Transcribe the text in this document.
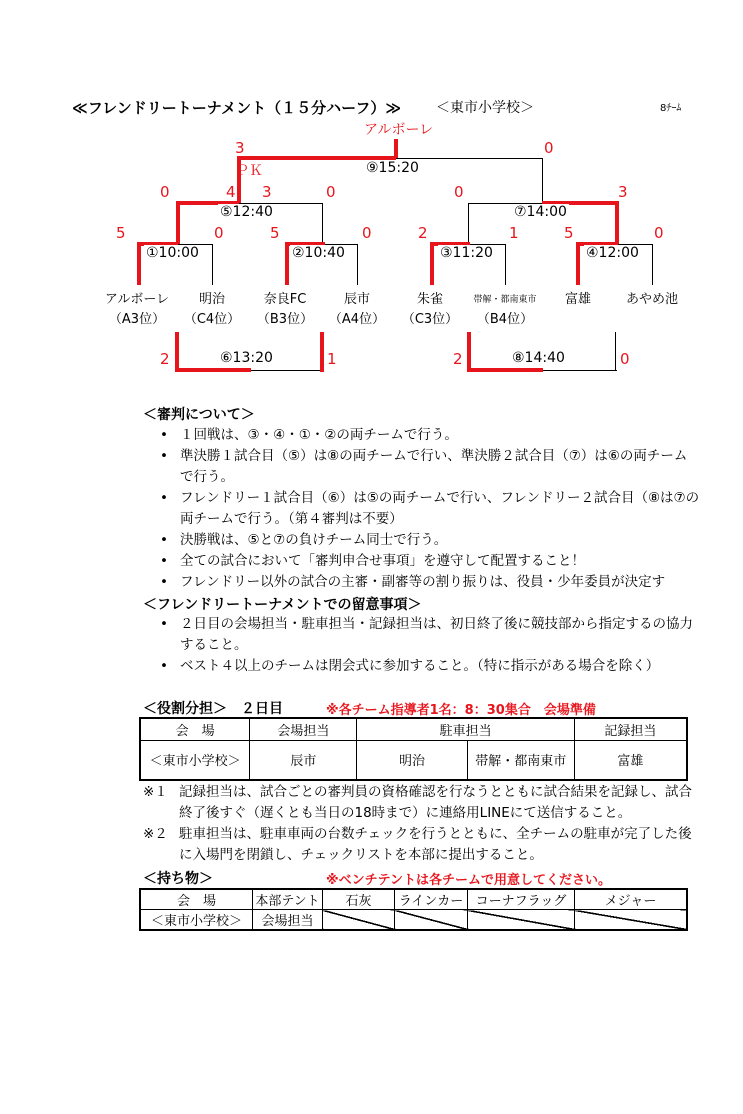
≪フレンドリートーナメント（１５分ハーフ）≫ ＜東市小学校＞	8ﾁｰﾑ
アルボーレ
3	0
ＰＫ	⑨15:20
0	4 3	0
⑤12:40
0	3
⑦14:00
5	0
①10:00
5	0
②10:40
2	1
③11:20
5	0
④12:00
アルボーレ
（A3位）
明治
（C4位）
奈良FC
（B3位）
辰市
（A4位）
朱雀
（C3位）
帯解・都南東市
（B4位）
富雄	あやめ池
2	1
⑥13:20	2	0
⑧14:40
＜審判について＞
• １回戦は、③・④・①・②の両チームで行う。
• 準決勝１試合目（⑤）は⑧の両チームで行い、準決勝２試合目（⑦）は⑥の両チームで行う。
• フレンドリー１試合目（⑥）は⑤の両チームで行い、フレンドリー２試合目（⑧は⑦の両チームで行う。（第４審判は不要）
• 決勝戦は、⑤と⑦の負けチーム同士で行う。
• 全ての試合において「審判申合せ事項」を遵守して配置すること！
• フレンドリー以外の試合の主審・副審等の割り振りは、役員・少年委員が決定す
＜フレンドリートーナメントでの留意事項＞
• ２日目の会場担当・駐車担当・記録担当は、初日終了後に競技部から指定するの協力すること。
• ベスト４以上のチームは閉会式に参加すること。（特に指示がある場合を除く）
＜役割分担＞　２日目	※各チーム指導者1名：8：30集合　会場準備
会　場	会場担当	駐車担当		記録担当
＜東市小学校＞	辰市	明治	帯解・都南東市	富雄
※１ 記録担当は、試合ごとの審判員の資格確認を行なうとともに試合結果を記録し、試合終了後すぐ（遅くとも当日の18時まで）に連絡用LINEにて送信すること。
※２ 駐車担当は、駐車車両の台数チェックを行うとともに、全チームの駐車が完了した後に入場門を閉鎖し、チェックリストを本部に提出すること。
＜持ち物＞	※ベンチテントは各チームで用意してください。
会　場	本部テント	石灰	ラインカー	コーナフラッグ	メジャー
＜東市小学校＞	会場担当				
